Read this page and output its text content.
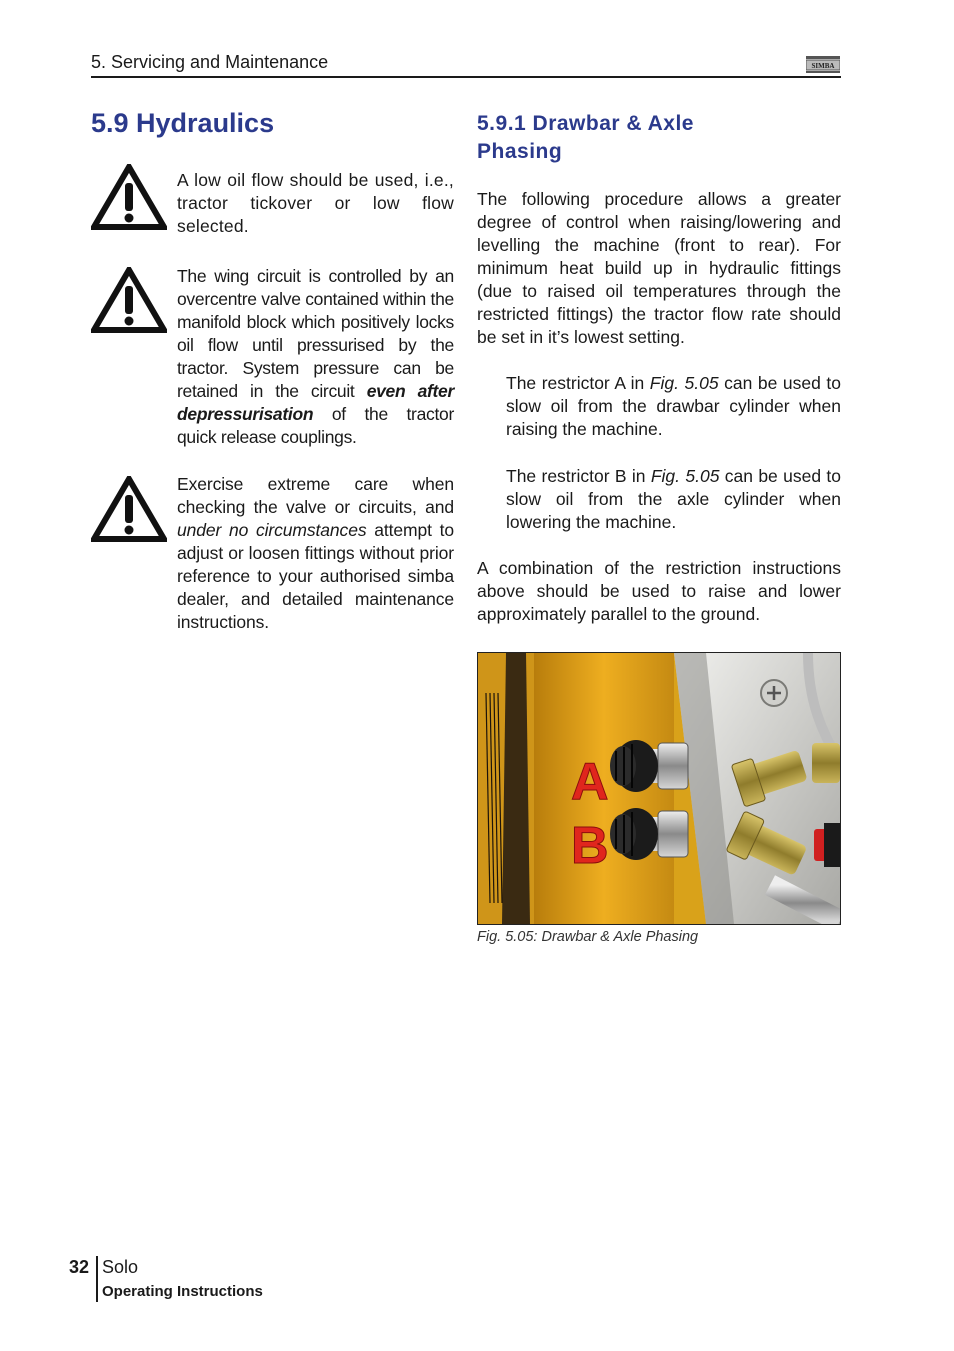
5. Servicing and Maintenance	SIMBA
5.9 Hydraulics	5.9.1 Drawbar & Axle Phasing

A low oil flow should be used, i.e., tractor tickover or low flow selected.

The wing circuit is controlled by an overcentre valve contained within the manifold block which positively locks oil flow until pressurised by the tractor. System pressure can be retained in the circuit even after depressurisation of the tractor quick release couplings.

Exercise extreme care when checking the valve or circuits, and under no circumstances attempt to adjust or loosen fittings without prior reference to your authorised simba dealer, and detailed maintenance instructions.

The following procedure allows a greater degree of control when raising/lowering and levelling the machine (front to rear). For minimum heat build up in hydraulic fittings (due to raised oil temperatures through the restricted fittings) the tractor flow rate should be set in it’s lowest setting.

The restrictor A in Fig. 5.05 can be used to slow oil from the drawbar cylinder when raising the machine.

The restrictor B in Fig. 5.05 can be used to slow oil from the axle cylinder when lowering the machine.

A combination of the restriction instructions above should be used to raise and lower approximately parallel to the ground.

A
B
Fig. 5.05: Drawbar & Axle Phasing
32 Solo
Operating Instructions
